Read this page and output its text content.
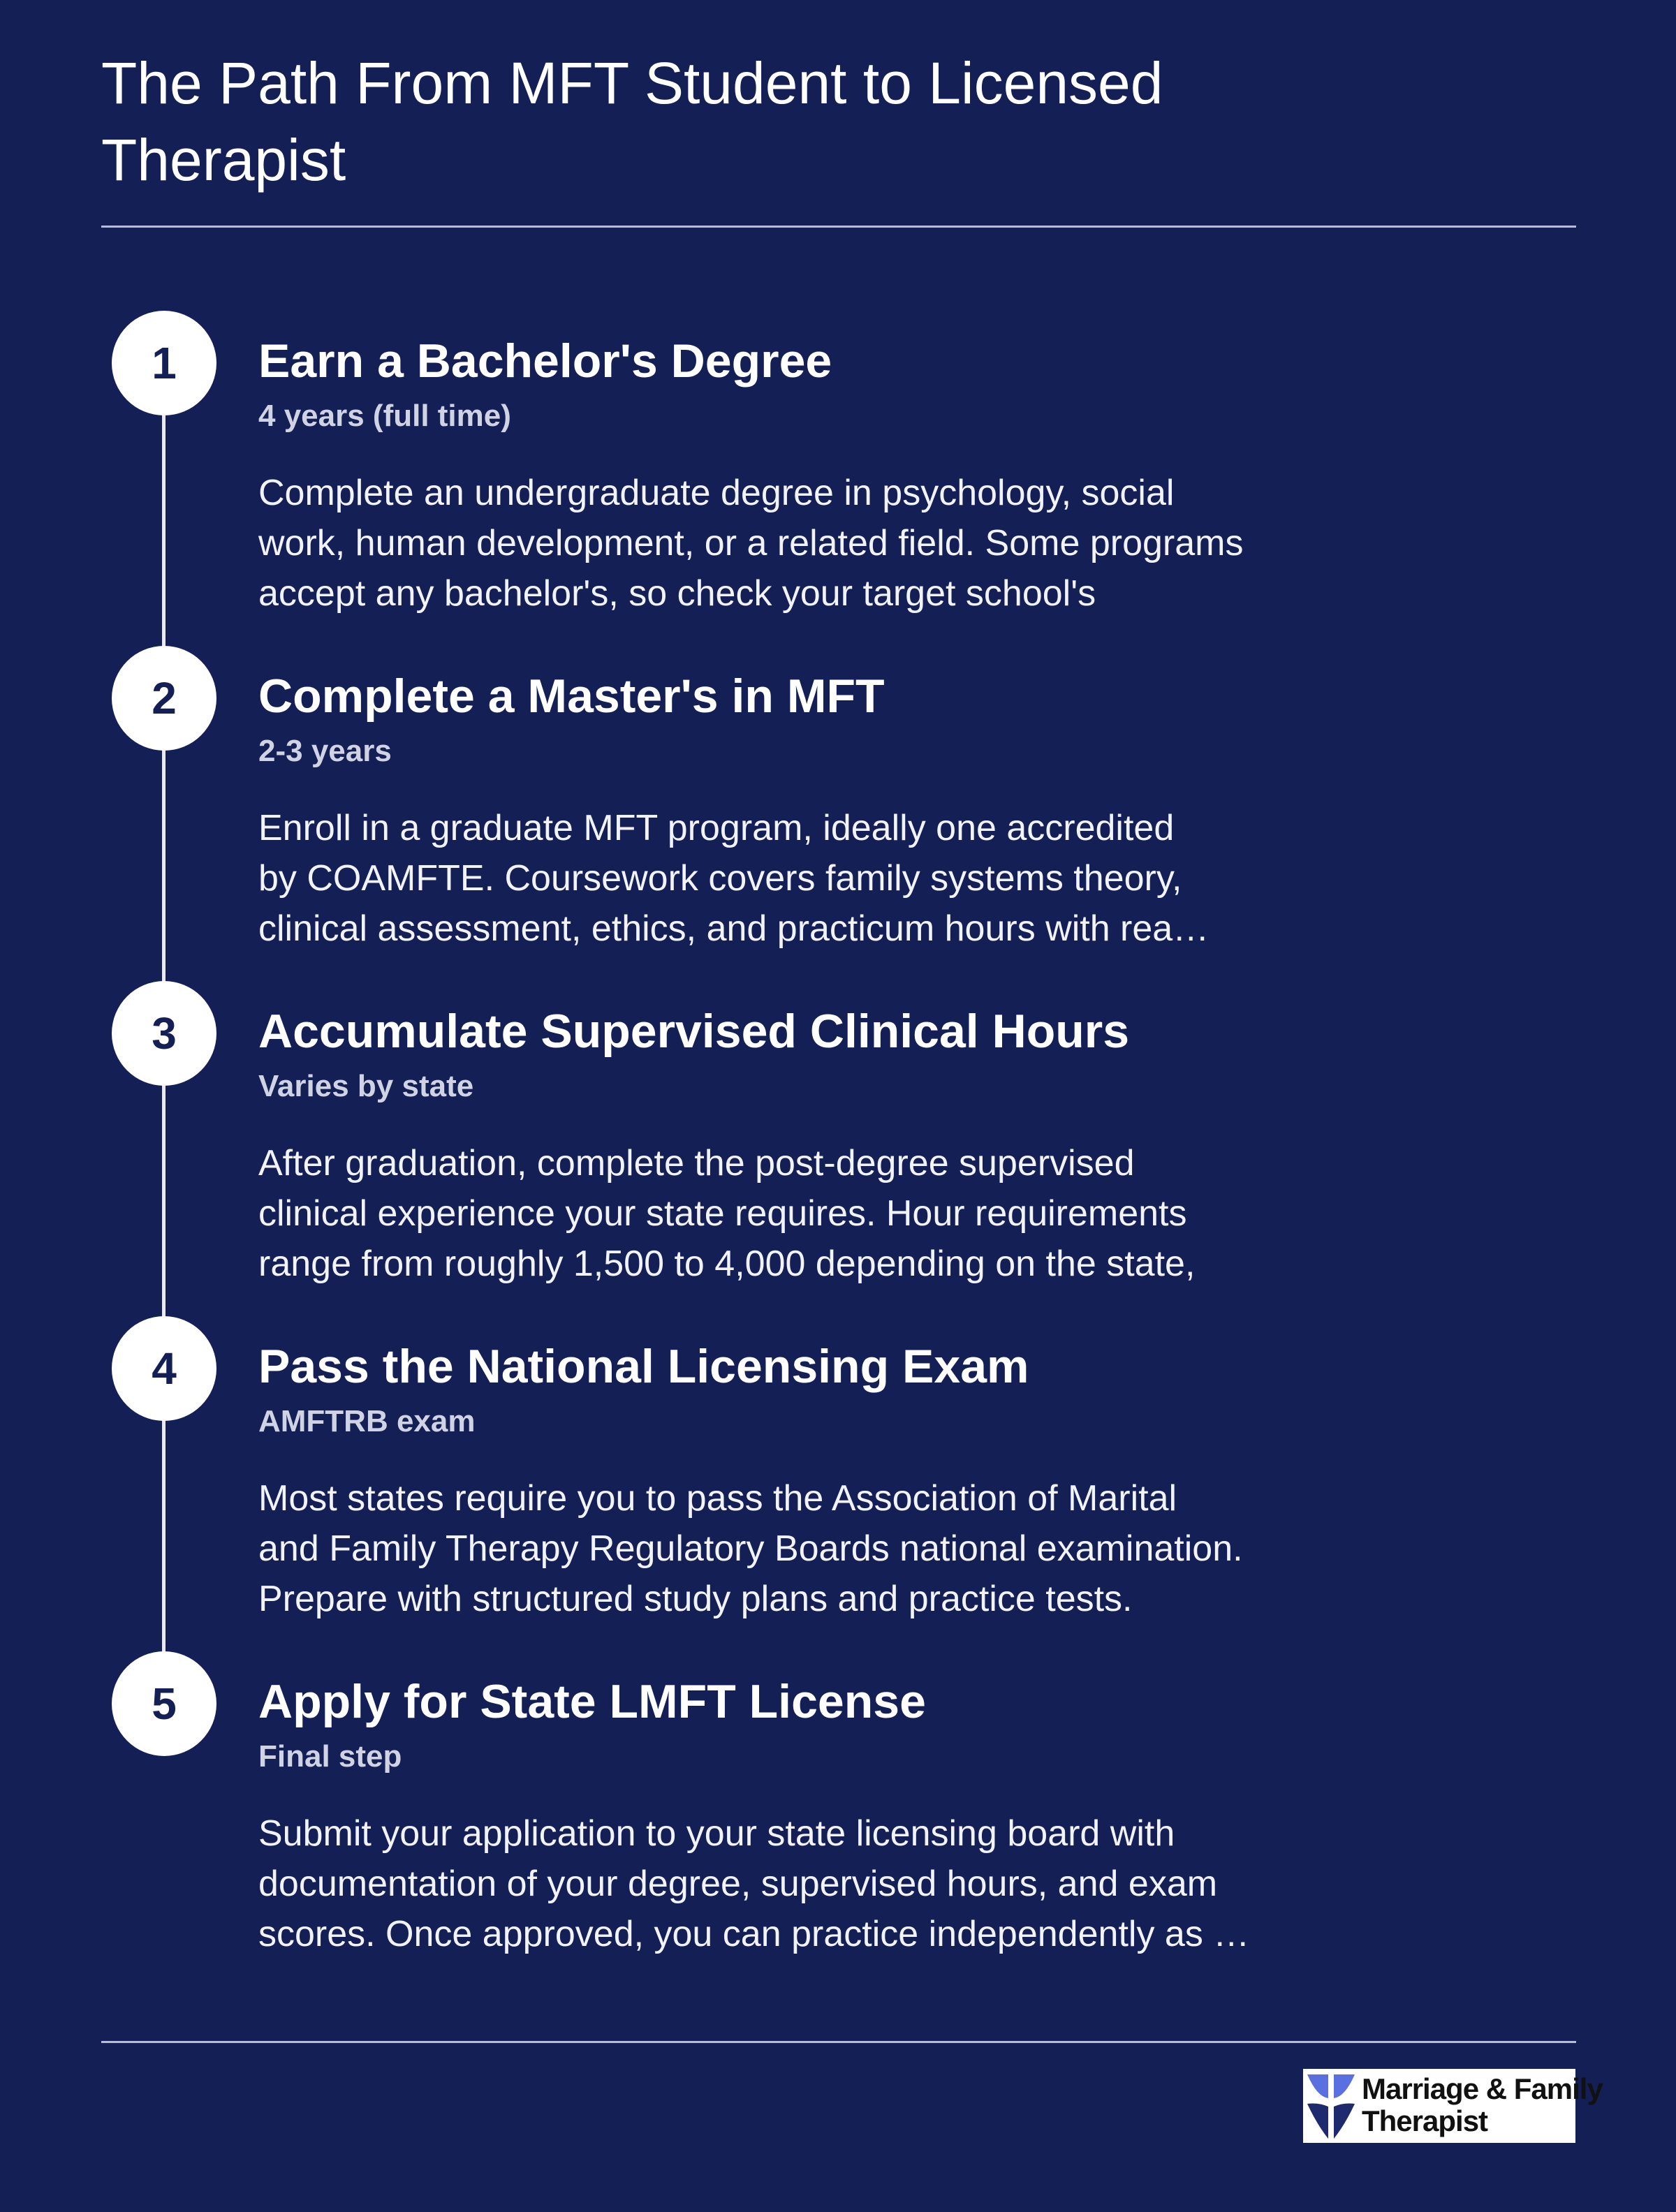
The Path From MFT Student to Licensed Therapist
1	Earn a Bachelor's Degree
4 years (full time)
Complete an undergraduate degree in psychology, social
work, human development, or a related field. Some programs
accept any bachelor's, so check your target school's
2	Complete a Master's in MFT
2-3 years
Enroll in a graduate MFT program, ideally one accredited
by COAMFTE. Coursework covers family systems theory,
clinical assessment, ethics, and practicum hours with rea…
3	Accumulate Supervised Clinical Hours
Varies by state
After graduation, complete the post-degree supervised
clinical experience your state requires. Hour requirements
range from roughly 1,500 to 4,000 depending on the state,
4	Pass the National Licensing Exam
AMFTRB exam
Most states require you to pass the Association of Marital
and Family Therapy Regulatory Boards national examination.
Prepare with structured study plans and practice tests.
5	Apply for State LMFT License
Final step
Submit your application to your state licensing board with
documentation of your degree, supervised hours, and exam
scores. Once approved, you can practice independently as …
Marriage & Family
Therapist
